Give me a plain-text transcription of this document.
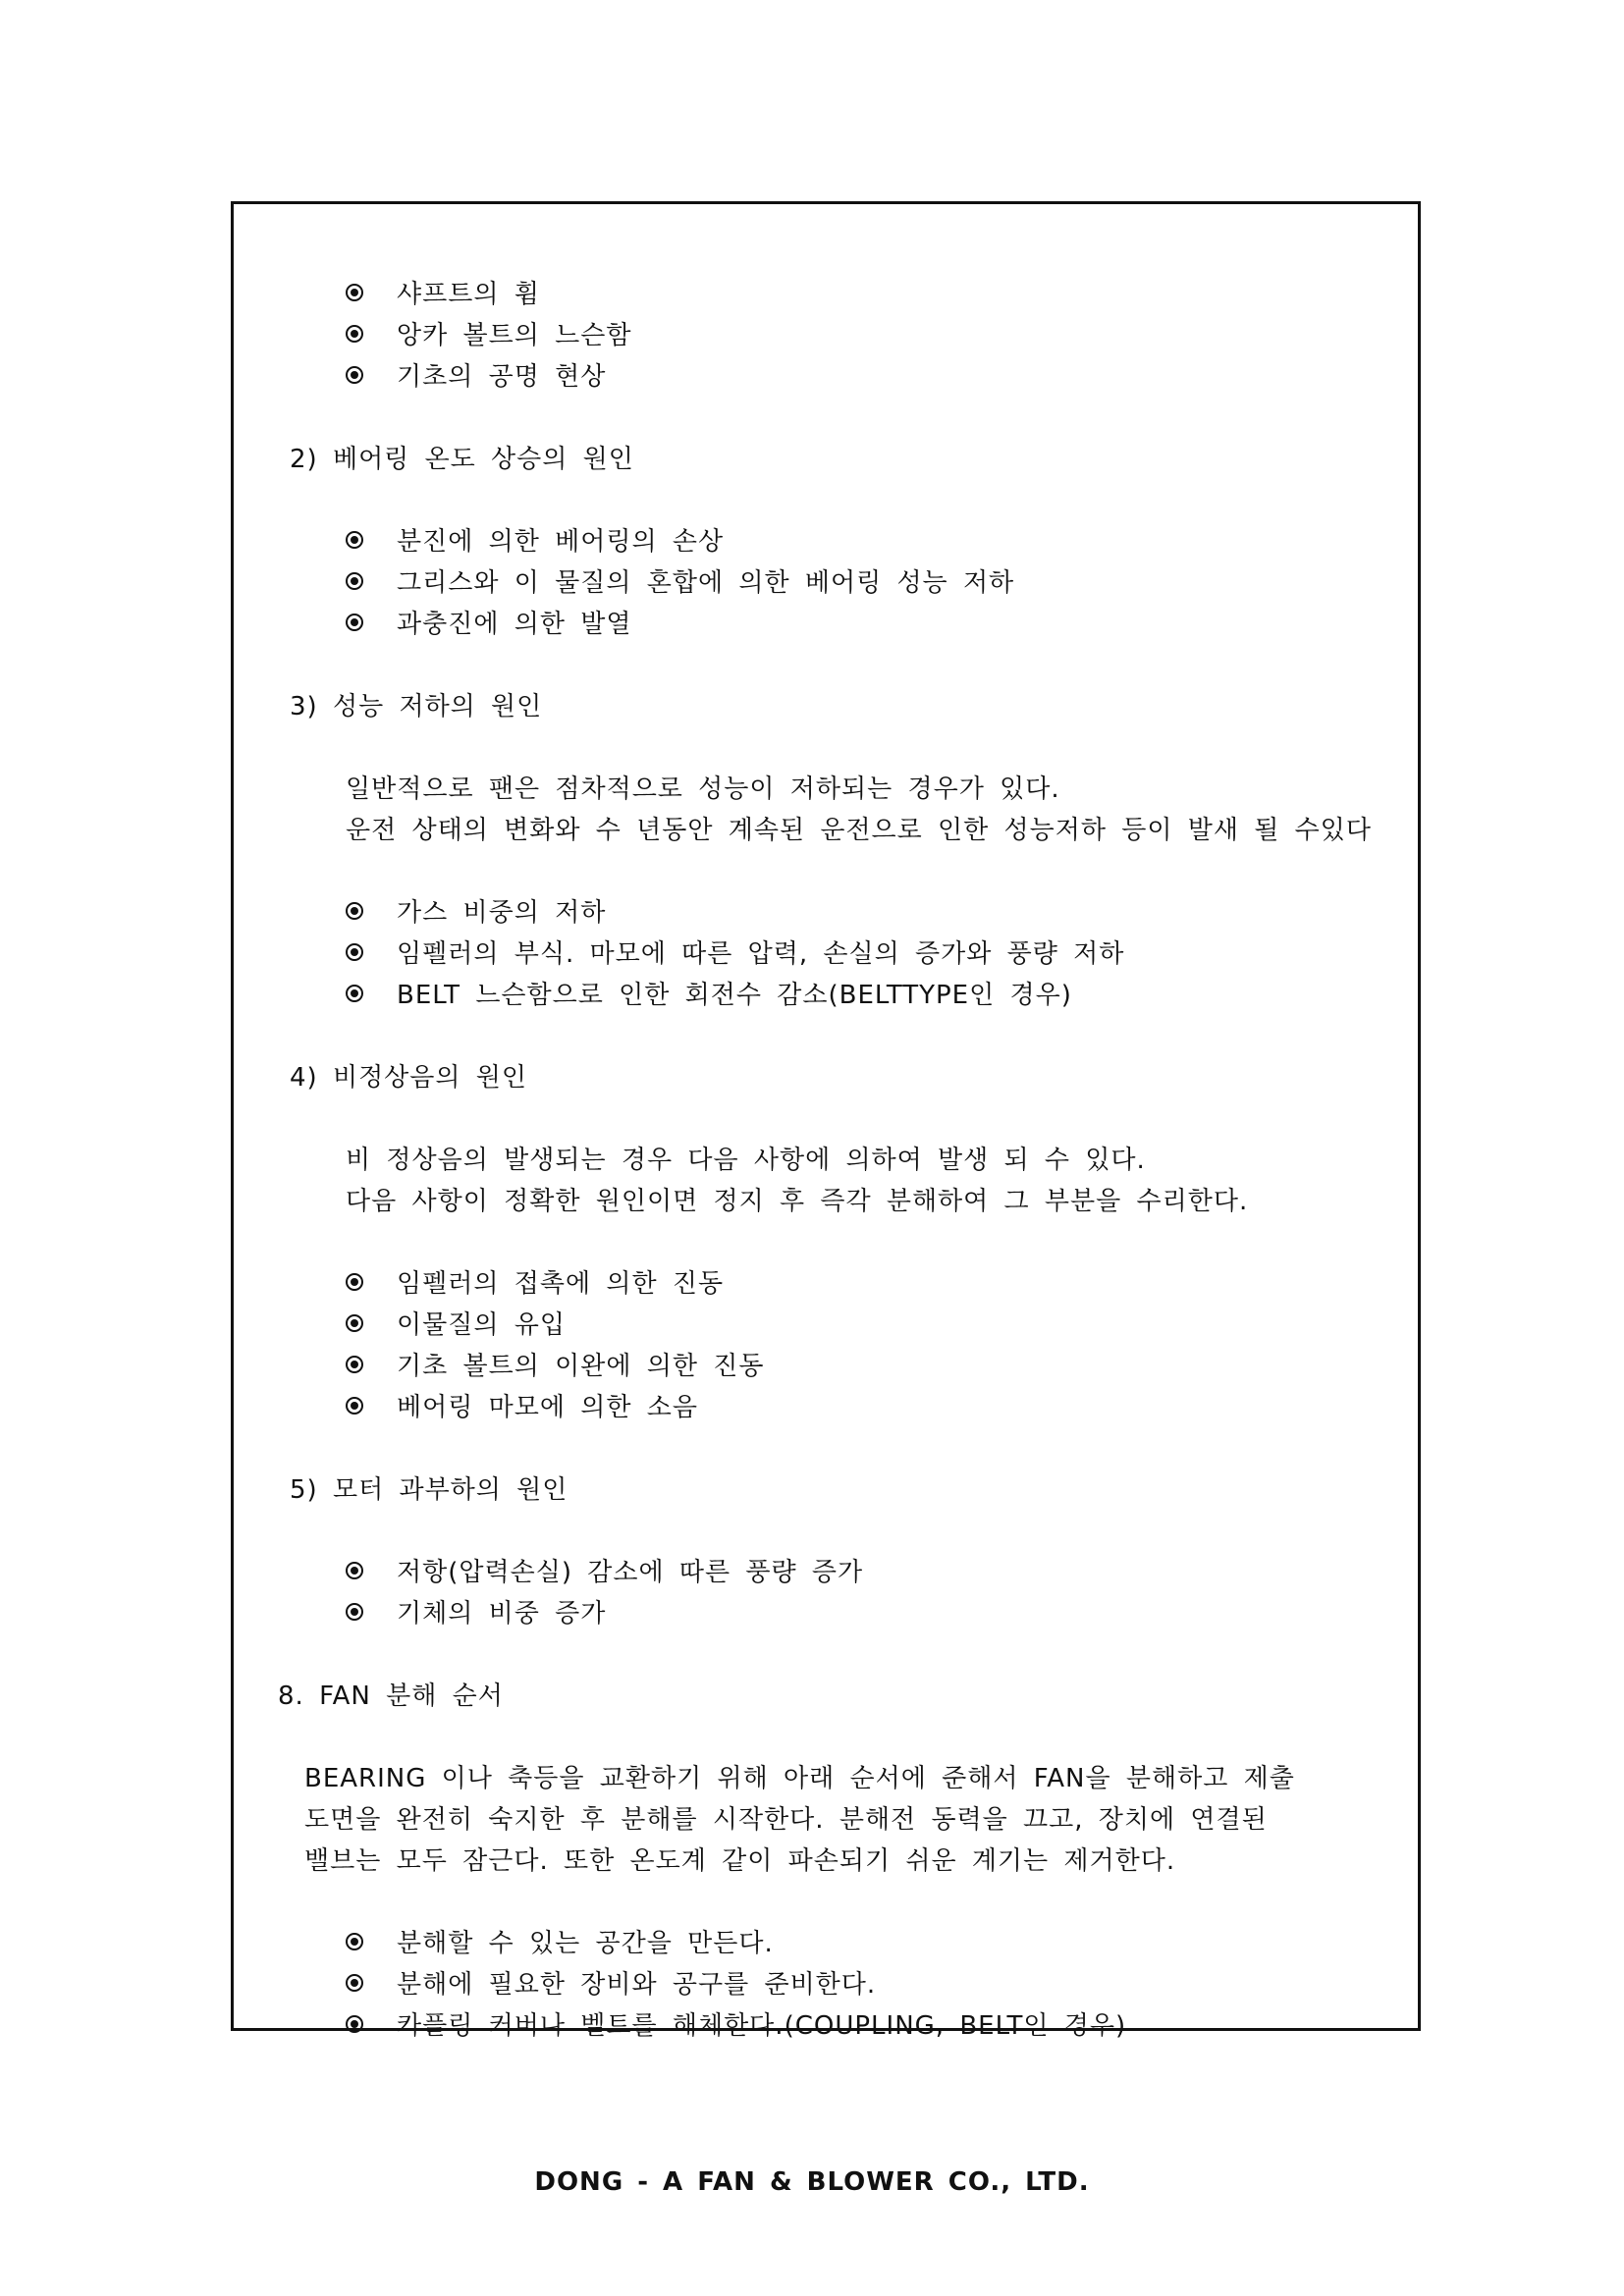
샤프트의 휨
앙카 볼트의 느슨함
기초의 공명 현상
2) 베어링 온도 상승의 원인
분진에 의한 베어링의 손상
그리스와 이 물질의 혼합에 의한 베어링 성능 저하
과충진에 의한 발열
3) 성능 저하의 원인
일반적으로 팬은 점차적으로 성능이 저하되는 경우가 있다.
운전 상태의 변화와 수 년동안 계속된 운전으로 인한 성능저하 등이 발새 될 수있다
가스 비중의 저하
임펠러의 부식. 마모에 따른 압력, 손실의 증가와 풍량 저하
BELT 느슨함으로 인한 회전수 감소(BELTTYPE인 경우)
4) 비정상음의 원인
비 정상음의 발생되는 경우 다음 사항에 의하여 발생 되 수 있다.
다음 사항이 정확한 원인이면 정지 후 즉각 분해하여 그 부분을 수리한다.
임펠러의 접촉에 의한 진동
이물질의 유입
기초 볼트의 이완에 의한 진동
베어링 마모에 의한 소음
5) 모터 과부하의 원인
저항(압력손실) 감소에 따른 풍량 증가
기체의 비중 증가
8. FAN 분해 순서
BEARING 이나 축등을 교환하기 위해 아래 순서에 준해서 FAN을 분해하고 제출
도면을 완전히 숙지한 후 분해를 시작한다. 분해전 동력을 끄고, 장치에 연결된
밸브는 모두 잠근다. 또한 온도계 같이 파손되기 쉬운 계기는 제거한다.
분해할 수 있는 공간을 만든다.
분해에 필요한 장비와 공구를 준비한다.
카플링 커버나 벨트를 해체한다.(COUPLING, BELT인 경우)
DONG - A FAN & BLOWER CO., LTD.
